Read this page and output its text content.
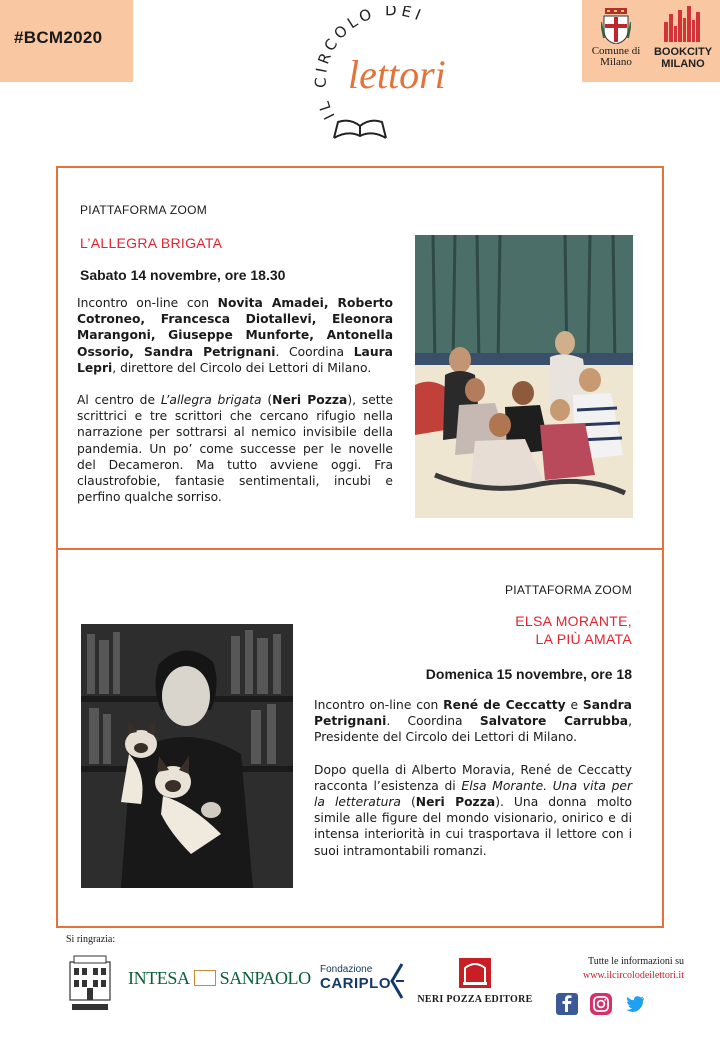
#BCM2020
IL CIRCOLO DEI
lettori
Comune di
Milano
BOOKCITY
MILANO
PIATTAFORMA ZOOM
L’ALLEGRA BRIGATA
Sabato 14 novembre, ore 18.30

Incontro on-line con Novita Amadei, Roberto Cotroneo, Francesca Diotallevi, Eleonora Marangoni, Giuseppe Munforte, Antonella Ossorio, Sandra Petrignani. Coordina Laura Lepri, direttore del Circolo dei Lettori di Milano.

Al centro de L’allegra brigata (Neri Pozza), sette scrittrici e tre scrittori che cercano rifugio nella narrazione per sottrarsi al nemico invisibile della pandemia. Un po’ come successe per le novelle del Decameron. Ma tutto avviene oggi. Fra claustrofobie, fantasie sentimentali, incubi e perfino qualche sorriso.

PIATTAFORMA ZOOM
ELSA MORANTE,
LA PIÙ AMATA
Domenica 15 novembre, ore 18

Incontro on-line con René de Ceccatty e Sandra Petrignani. Coordina Salvatore Carrubba, Presidente del Circolo dei Lettori di Milano.

Dopo quella di Alberto Moravia, René de Ceccatty racconta l’esistenza di Elsa Morante. Una vita per la letteratura (Neri Pozza). Una donna molto simile alle figure del mondo visionario, onirico e di intensa interiorità in cui trasportava il lettore con i suoi intramontabili romanzi.

Si ringrazia:
INTESA SANPAOLO Fondazione
CARIPLO
NERI POZZA EDITORE
Tutte le informazioni su
www.ilcircolodeilettori.it
